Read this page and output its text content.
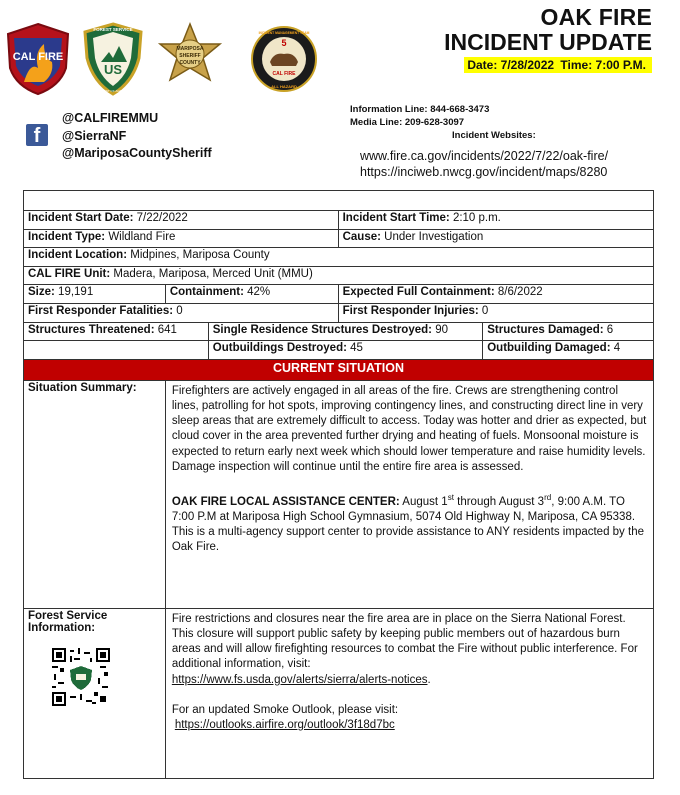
CAL FIRE
US
FOREST SERVICE
DEPARTMENT OF AGRICULTURE
MARIPOSA
SHERIFF
COUNTY
5
CAL FIRE
INCIDENT MANAGEMENT TEAM
ALL HAZARD
OAK FIRE
INCIDENT UPDATE
Date: 7/28/2022 Time: 7:00 P.M.
f
@CALFIREMMU
@SierraNF
@MariposaCountySheriff
Information Line: 844-668-3473
Media Line: 209-628-3097
Incident Websites:
www.fire.ca.gov/incidents/2022/7/22/oak-fire/
https://inciweb.nwcg.gov/incident/maps/8280

Incident Start Date: 7/22/2022			Incident Start Time: 2:10 p.m.	
Incident Type: Wildland Fire			Cause: Under Investigation	
Incident Location: Midpines, Mariposa County				
CAL FIRE Unit: Madera, Mariposa, Merced Unit (MMU)				
Size: 19,191	Containment: 42%		Expected Full Containment: 8/6/2022	
First Responder Fatalities: 0			First Responder Injuries: 0	
Structures Threatened: 641		Single Residence Structures Destroyed: 90		Structures Damaged: 6
		Outbuildings Destroyed: 45		Outbuilding Damaged: 4
CURRENT SITUATION				
Situation Summary:	Firefighters are actively engaged in all areas of the fire. Crews are strengthening control lines, patrolling for hot spots, improving contingency lines, and constructing direct line in very sleep areas that are extremely difficult to access. Today was hotter and drier as expected, but cloud cover in the area prevented further drying and heating of fuels. Monsoonal moisture is expected to return early next week which should lower temperature and raise humidity levels. Damage inspection will continue until the entire fire area is assessed.
OAK FIRE LOCAL ASSISTANCE CENTER: August 1st through August 3rd, 9:00 A.M. TO 7:00 P.M at Mariposa High School Gymnasium, 5074 Old Highway N, Mariposa, CA 95338. This is a multi-agency support center to provide assistance to ANY residents impacted by the Oak Fire.			

Forest Service Information:	Fire restrictions and closures near the fire area are in place on the Sierra National Forest. This closure will support public safety by keeping public members out of hazardous burn areas and will allow firefighting resources to combat the Fire without public interference. For additional information, visit:
https://www.fs.usda.gov/alerts/sierra/alerts-notices.
For an updated Smoke Outlook, please visit:
https://outlooks.airfire.org/outlook/3f18d7bc			
